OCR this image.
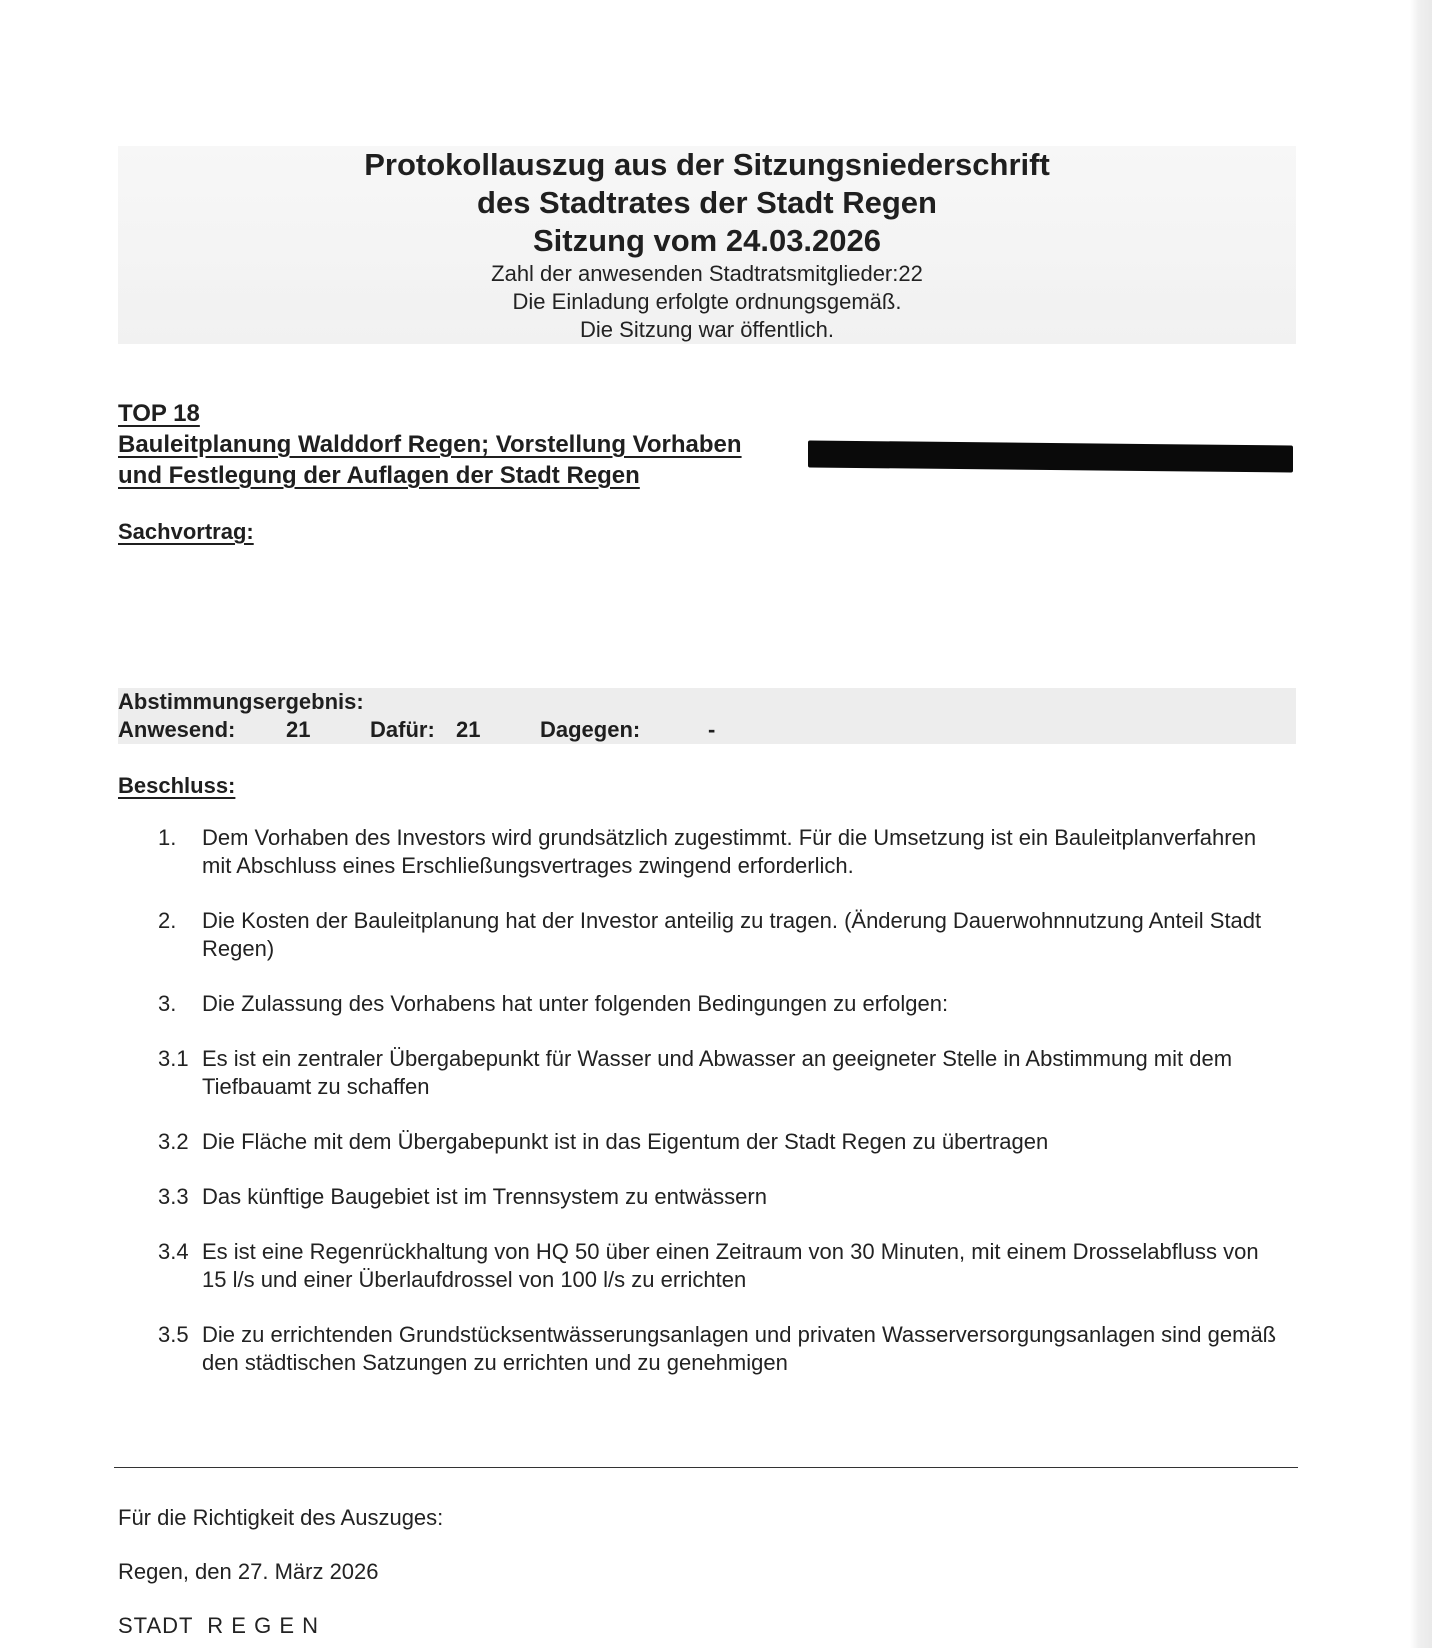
Protokollauszug aus der Sitzungsniederschrift
des Stadtrates der Stadt Regen
Sitzung vom 24.03.2026
Zahl der anwesenden Stadtratsmitglieder:22
Die Einladung erfolgte ordnungsgemäß.
Die Sitzung war öffentlich.
TOP 18
Bauleitplanung Walddorf Regen; Vorstellung Vorhaben
und Festlegung der Auflagen der Stadt Regen
Sachvortrag:
Abstimmungsergebnis:
Anwesend: 21	Dafür: 21	Dagegen:	-
Beschluss:
1. Dem Vorhaben des Investors wird grundsätzlich zugestimmt. Für die Umsetzung ist ein Bauleitplanverfahren mit Abschluss eines Erschließungsvertrages zwingend erforderlich.
2. Die Kosten der Bauleitplanung hat der Investor anteilig zu tragen. (Änderung Dauerwohnnutzung Anteil Stadt Regen)
3. Die Zulassung des Vorhabens hat unter folgenden Bedingungen zu erfolgen:
3.1 Es ist ein zentraler Übergabepunkt für Wasser und Abwasser an geeigneter Stelle in Abstimmung mit dem Tiefbauamt zu schaffen
3.2 Die Fläche mit dem Übergabepunkt ist in das Eigentum der Stadt Regen zu übertragen
3.3 Das künftige Baugebiet ist im Trennsystem zu entwässern
3.4 Es ist eine Regenrückhaltung von HQ 50 über einen Zeitraum von 30 Minuten, mit einem Drosselabfluss von 15 l/s und einer Überlaufdrossel von 100 l/s zu errichten
3.5 Die zu errichtenden Grundstücksentwässerungsanlagen und privaten Wasserversorgungsanlagen sind gemäß den städtischen Satzungen zu errichten und zu genehmigen
Für die Richtigkeit des Auszuges:
Regen, den 27. März 2026
STADT  R E G E N
